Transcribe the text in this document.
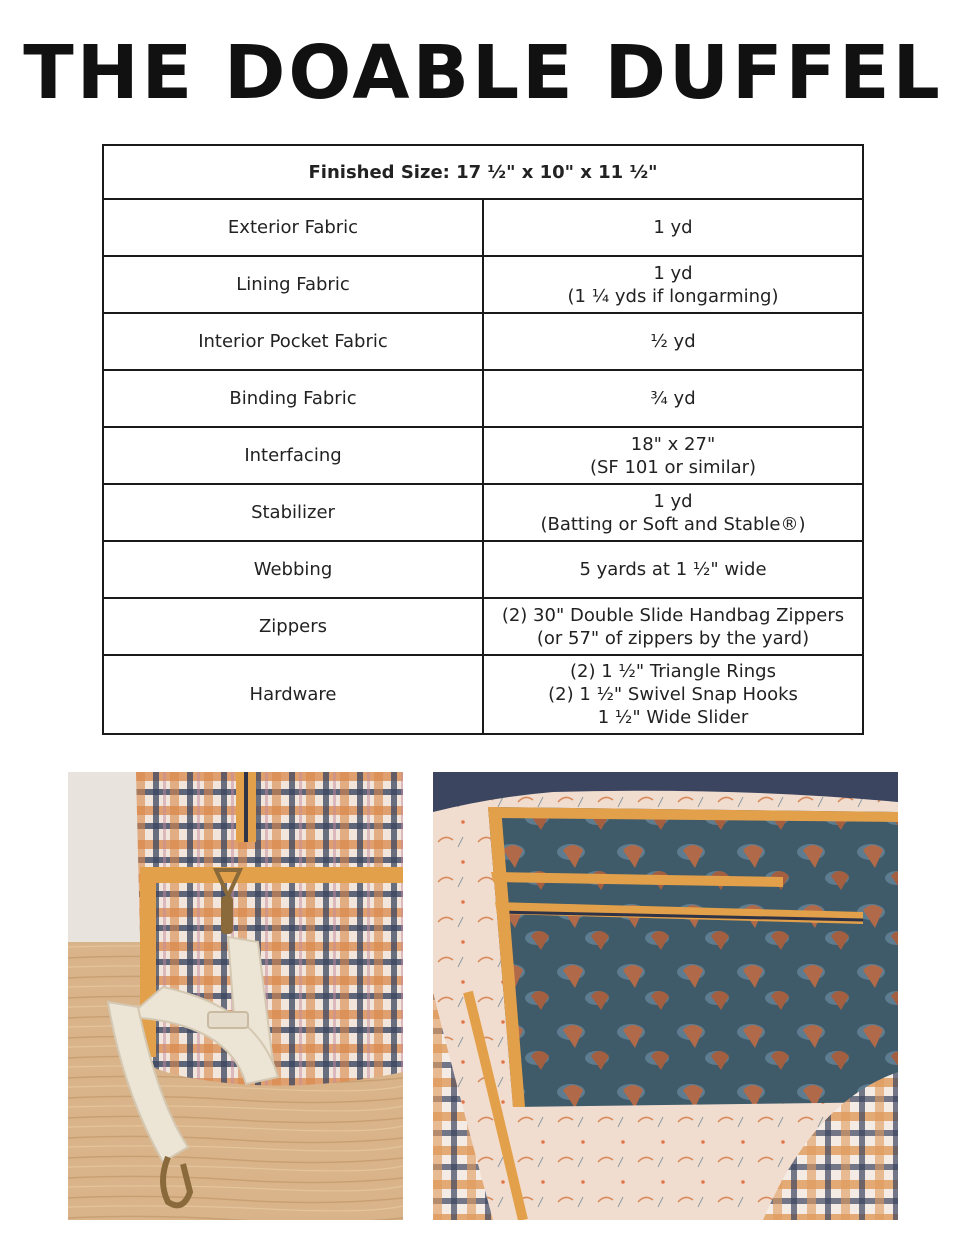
THE DOABLE DUFFEL
Finished Size: 17 ½" x 10" x 11 ½"	
Exterior Fabric	1 yd

Lining Fabric	1 yd
(1 ¼ yds if longarming)

Interior Pocket Fabric	½ yd

Binding Fabric	¾ yd

Interfacing	18" x 27"
(SF 101 or similar)

Stabilizer	1 yd
(Batting or Soft and Stable®)

Webbing	5 yards at 1 ½" wide

Zippers	(2) 30" Double Slide Handbag Zippers
(or 57" of zippers by the yard)

Hardware	(2) 1 ½" Triangle Rings
(2) 1 ½" Swivel Snap Hooks
1 ½" Wide Slider
